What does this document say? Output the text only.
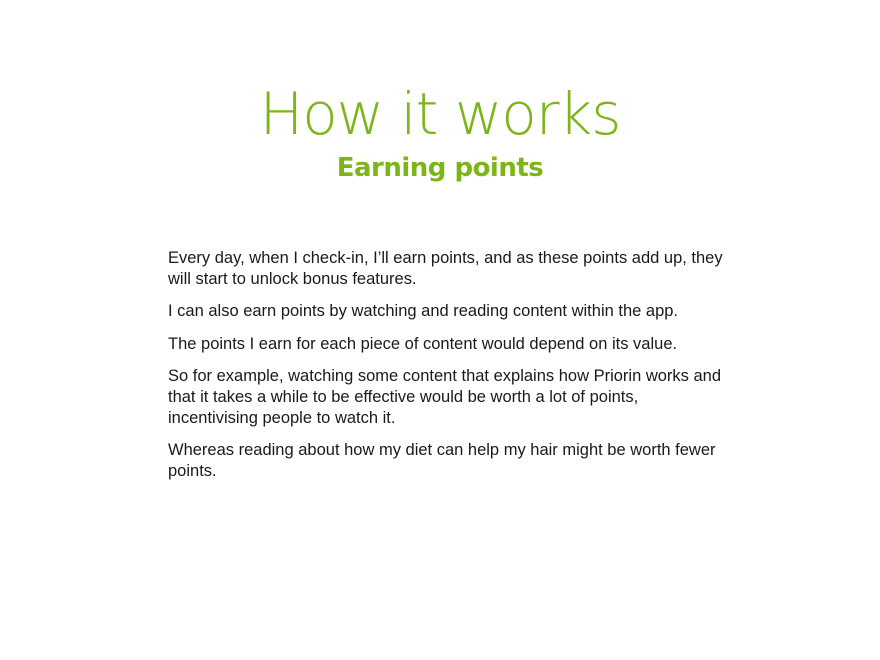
How it works
Earning points

Every day, when I check-in, I’ll earn points, and as these points add up, they will start to unlock bonus features.

I can also earn points by watching and reading content within the app.

The points I earn for each piece of content would depend on its value.

So for example, watching some content that explains how Priorin works and that it takes a while to be effective would be worth a lot of points, incentivising people to watch it.

Whereas reading about how my diet can help my hair might be worth fewer points.
